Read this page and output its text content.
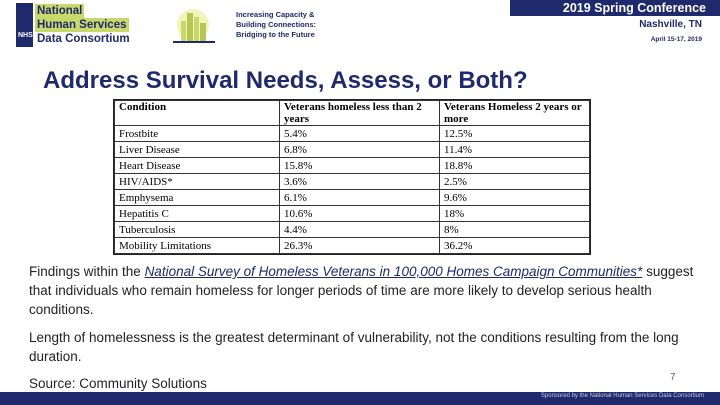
NHSDC
National
Human Services
Data Consortium
Increasing Capacity &
Building Connections:
Bridging to the Future
2019 Spring Conference
Nashville, TN
April 15-17, 2019
Address Survival Needs, Assess, or Both?
Condition	Veterans homeless less than 2 years	Veterans Homeless 2 years or more
Frostbite	5.4%	12.5%
Liver Disease	6.8%	11.4%
Heart Disease	15.8%	18.8%
HIV/AIDS*	3.6%	2.5%
Emphysema	6.1%	9.6%
Hepatitis C	10.6%	18%
Tuberculosis	4.4%	8%
Mobility Limitations	26.3%	36.2%
Findings within the National Survey of Homeless Veterans in 100,000 Homes Campaign Communities* suggest that individuals who remain homeless for longer periods of time are more likely to develop serious health conditions.
Length of homelessness is the greatest determinant of vulnerability, not the conditions resulting from the long duration.
Source: Community Solutions	7
Sponsored by the National Human Services Data Consortium
